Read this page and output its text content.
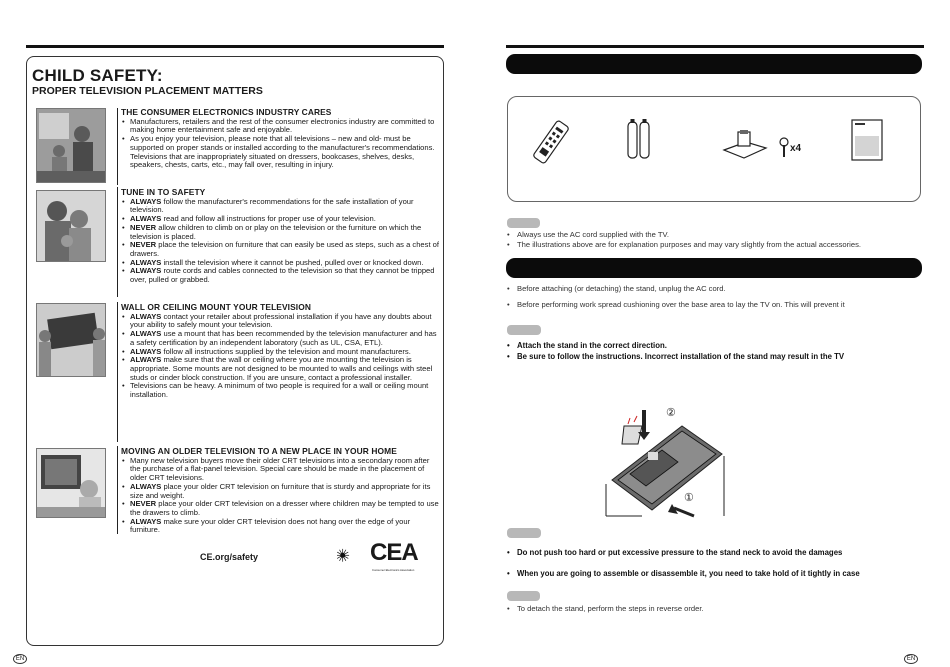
CHILD SAFETY:
PROPER TELEVISION PLACEMENT MATTERS
THE CONSUMER ELECTRONICS INDUSTRY CARES
• Manufacturers, retailers and the rest of the consumer electronics industry are committed to making home entertainment safe and enjoyable.
• As you enjoy your television, please note that all televisions – new and old- must be supported on proper stands or installed according to the manufacturer's recommendations. Televisions that are inappropriately situated on dressers, bookcases, shelves, desks, speakers, chests, carts, etc., may fall over, resulting in injury.
TUNE IN TO SAFETY
• ALWAYS follow the manufacturer's recommendations for the safe installation of your television.
• ALWAYS read and follow all instructions for proper use of your television.
• NEVER allow children to climb on or play on the television or the furniture on which the television is placed.
• NEVER place the television on furniture that can easily be used as steps, such as a chest of drawers.
• ALWAYS install the television where it cannot be pushed, pulled over or knocked down.
• ALWAYS route cords and cables connected to the television so that they cannot be tripped over, pulled or grabbed.
WALL OR CEILING MOUNT YOUR TELEVISION
• ALWAYS contact your retailer about professional installation if you have any doubts about your ability to safely mount your television.
• ALWAYS use a mount that has been recommended by the television manufacturer and has a safety certification by an independent laboratory (such as UL, CSA, ETL).
• ALWAYS follow all instructions supplied by the television and mount manufacturers.
• ALWAYS make sure that the wall or ceiling where you are mounting the television is appropriate. Some mounts are not designed to be mounted to walls and ceilings with steel studs or cinder block construction. If you are unsure, contact a professional installer.
• Televisions can be heavy. A minimum of two people is required for a wall or ceiling mount installation.
MOVING AN OLDER TELEVISION TO A NEW PLACE IN YOUR HOME
• Many new television buyers move their older CRT televisions into a secondary room after the purchase of a flat-panel television. Special care should be made in the placement of older CRT televisions.
• ALWAYS place your older CRT television on furniture that is sturdy and appropriate for its size and weight.
• NEVER place your older CRT television on a dresser where children may be tempted to use the drawers to climb.
• ALWAYS make sure your older CRT television does not hang over the edge of your furniture.
CE.org/safety	CEA
Consumer Electronics Association
EN
x4
• Always use the AC cord supplied with the TV.
• The illustrations above are for explanation purposes and may vary slightly from the actual accessories.
• Before attaching (or detaching) the stand, unplug the AC cord.
• Before performing work spread cushioning over the base area to lay the TV on. This will prevent it
• Attach the stand in the correct direction.
• Be sure to follow the instructions. Incorrect installation of the stand may result in the TV
②
①
• Do not push too hard or put excessive pressure to the stand neck to avoid the damages
• When you are going to assemble or disassemble it, you need to take hold of it tightly in case
• To detach the stand, perform the steps in reverse order.
EN
